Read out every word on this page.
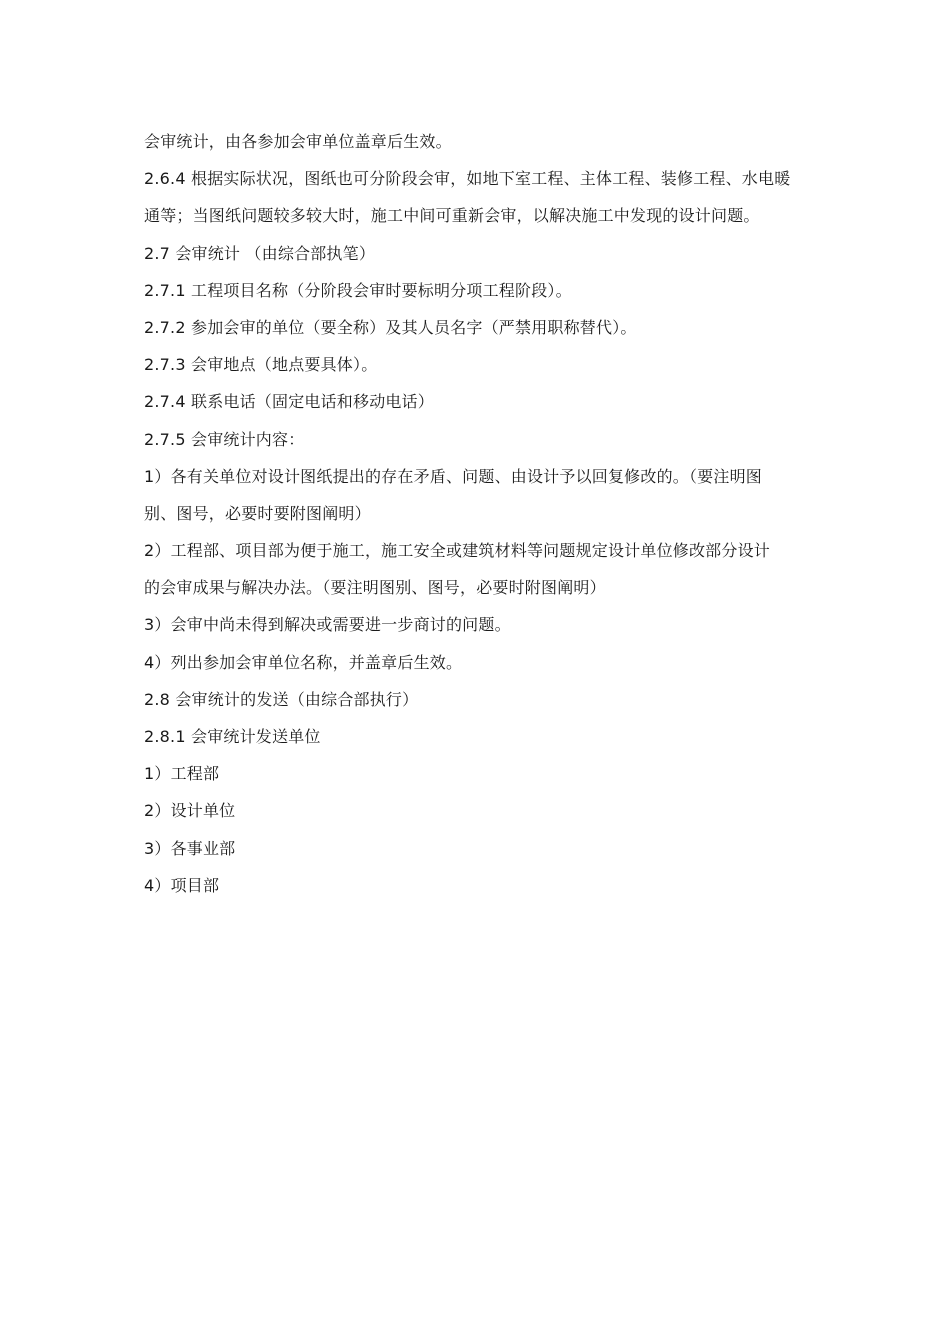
会审统计，由各参加会审单位盖章后生效。
2.6.4 根据实际状况，图纸也可分阶段会审，如地下室工程、主体工程、装修工程、水电暖
通等；当图纸问题较多较大时，施工中间可重新会审，以解决施工中发现的设计问题。
2.7 会审统计 （由综合部执笔）
2.7.1 工程项目名称（分阶段会审时要标明分项工程阶段）。
2.7.2 参加会审的单位（要全称）及其人员名字（严禁用职称替代）。
2.7.3 会审地点（地点要具体）。
2.7.4 联系电话（固定电话和移动电话）
2.7.5 会审统计内容：
1）各有关单位对设计图纸提出的存在矛盾、问题、由设计予以回复修改的。（要注明图
别、图号，必要时要附图阐明）
2）工程部、项目部为便于施工，施工安全或建筑材料等问题规定设计单位修改部分设计
的会审成果与解决办法。（要注明图别、图号，必要时附图阐明）
3）会审中尚未得到解决或需要进一步商讨的问题。
4）列出参加会审单位名称，并盖章后生效。
2.8 会审统计的发送（由综合部执行）
2.8.1 会审统计发送单位
1）工程部
2）设计单位
3）各事业部
4）项目部
